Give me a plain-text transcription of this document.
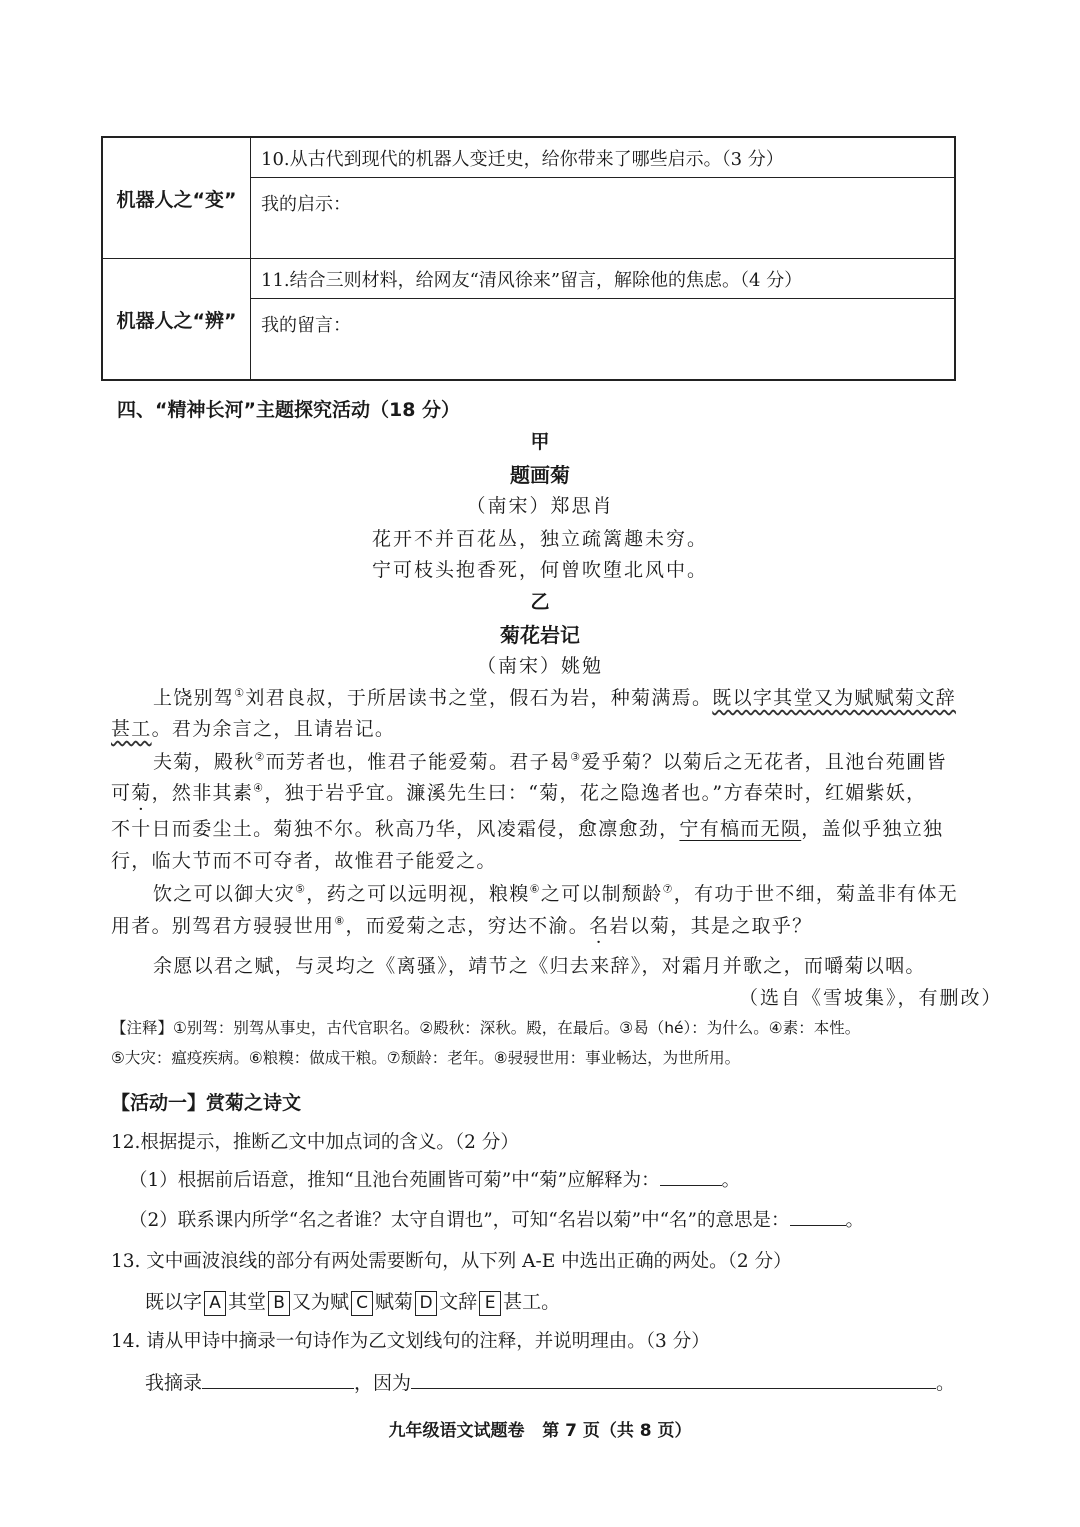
机器人之“变”	10.从古代到现代的机器人变迁史，给你带来了哪些启示。（3 分）
	我的启示：
机器人之“辨”	11.结合三则材料，给网友“清风徐来”留言，解除他的焦虑。（4 分）
	我的留言：
四、“精神长河”主题探究活动（18 分）
甲
题画菊
（南宋）郑思肖
花开不并百花丛，独立疏篱趣未穷。
宁可枝头抱香死，何曾吹堕北风中。
乙
菊花岩记
（南宋）姚勉
上饶别驾①刘君良叔，于所居读书之堂，假石为岩，种菊满焉。既以字其堂又为赋赋菊文辞
甚工。君为余言之，且请岩记。
夫菊，殿秋②而芳者也，惟君子能爱菊。君子曷③爱乎菊？以菊后之无花者，且池台苑圃皆
可菊，然非其素④，独于岩乎宜。濂溪先生曰：“菊，花之隐逸者也。”方春荣时，红媚紫妖，
不十日而委尘土。菊独不尔。秋高乃华，风凌霜侵，愈凛愈劲，宁有槁而无陨，盖似乎独立独
行，临大节而不可夺者，故惟君子能爱之。
饮之可以御大灾⑤，药之可以远明视，粮糗⑥之可以制颓龄⑦，有功于世不细，菊盖非有体无
用者。别驾君方骎骎世用⑧，而爱菊之志，穷达不渝。名岩以菊，其是之取乎？
余愿以君之赋，与灵均之《离骚》，靖节之《归去来辞》，对霜月并歌之，而嚼菊以咽。
（选自《雪坡集》，有删改）
【注释】①别驾：别驾从事史，古代官职名。②殿秋：深秋。殿，在最后。③曷（hé）：为什么。④素：本性。
⑤大灾：瘟疫疾病。⑥粮糗：做成干粮。⑦颓龄：老年。⑧骎骎世用：事业畅达，为世所用。
【活动一】赏菊之诗文
12.根据提示，推断乙文中加点词的含义。（2 分）
（1）根据前后语意，推知“且池台苑圃皆可菊”中“菊”应解释为：	。
（2）联系课内所学“名之者谁？太守自谓也”，可知“名岩以菊”中“名”的意思是：	。
13. 文中画波浪线的部分有两处需要断句，从下列 A-E 中选出正确的两处。（2 分）
既以字 A 其堂 B 又为赋 C 赋菊 D 文辞 E 甚工。
14. 请从甲诗中摘录一句诗作为乙文划线句的注释，并说明理由。（3 分）
我摘录	，因为	。
九年级语文试题卷   第 7 页（共 8 页）
